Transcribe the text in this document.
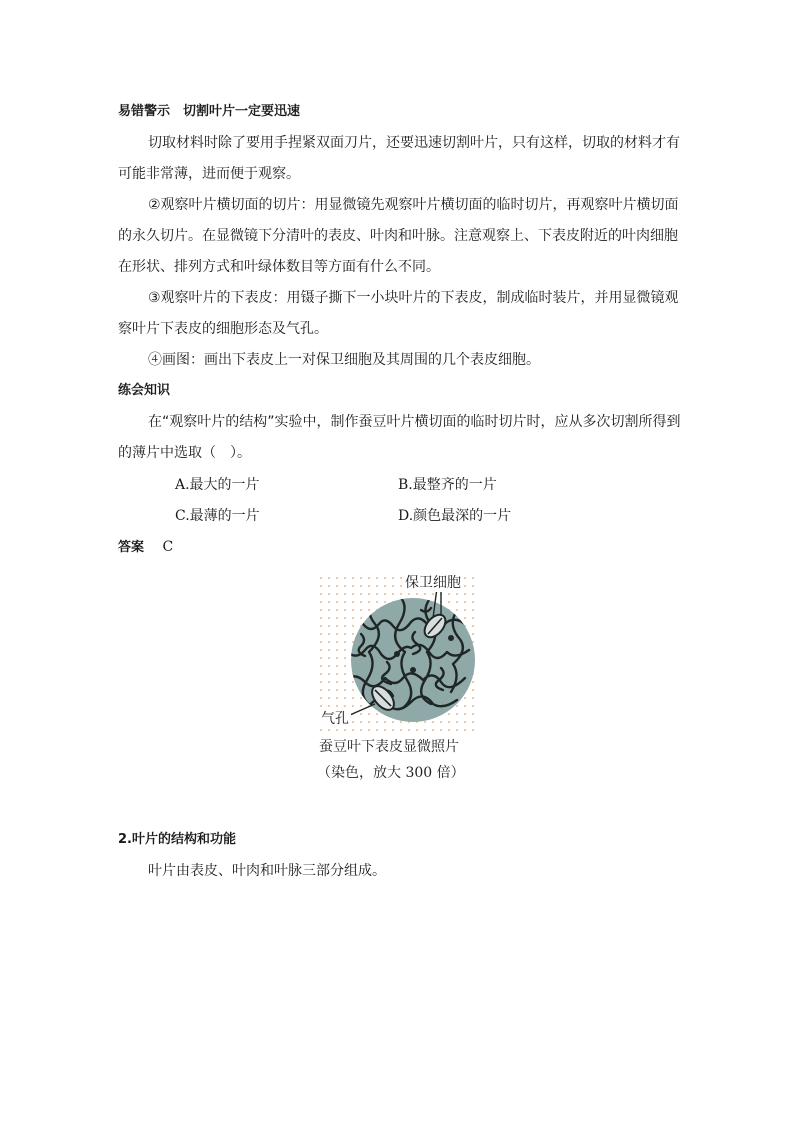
易错警示　切割叶片一定要迅速
切取材料时除了要用手捏紧双面刀片，还要迅速切割叶片，只有这样，切取的材料才有
可能非常薄，进而便于观察。
②观察叶片横切面的切片：用显微镜先观察叶片横切面的临时切片，再观察叶片横切面
的永久切片。在显微镜下分清叶的表皮、叶肉和叶脉。注意观察上、下表皮附近的叶肉细胞
在形状、排列方式和叶绿体数目等方面有什么不同。
③观察叶片的下表皮：用镊子撕下一小块叶片的下表皮，制成临时装片，并用显微镜观
察叶片下表皮的细胞形态及气孔。
④画图：画出下表皮上一对保卫细胞及其周围的几个表皮细胞。
练会知识
在“观察叶片的结构”实验中，制作蚕豆叶片横切面的临时切片时，应从多次切割所得到
的薄片中选取（　）。
A.最大的一片	B.最整齐的一片
C.最薄的一片	D.颜色最深的一片
答案 C
保卫细胞
气孔
蚕豆叶下表皮显微照片
（染色，放大 300 倍）
2.叶片的结构和功能
叶片由表皮、叶肉和叶脉三部分组成。
